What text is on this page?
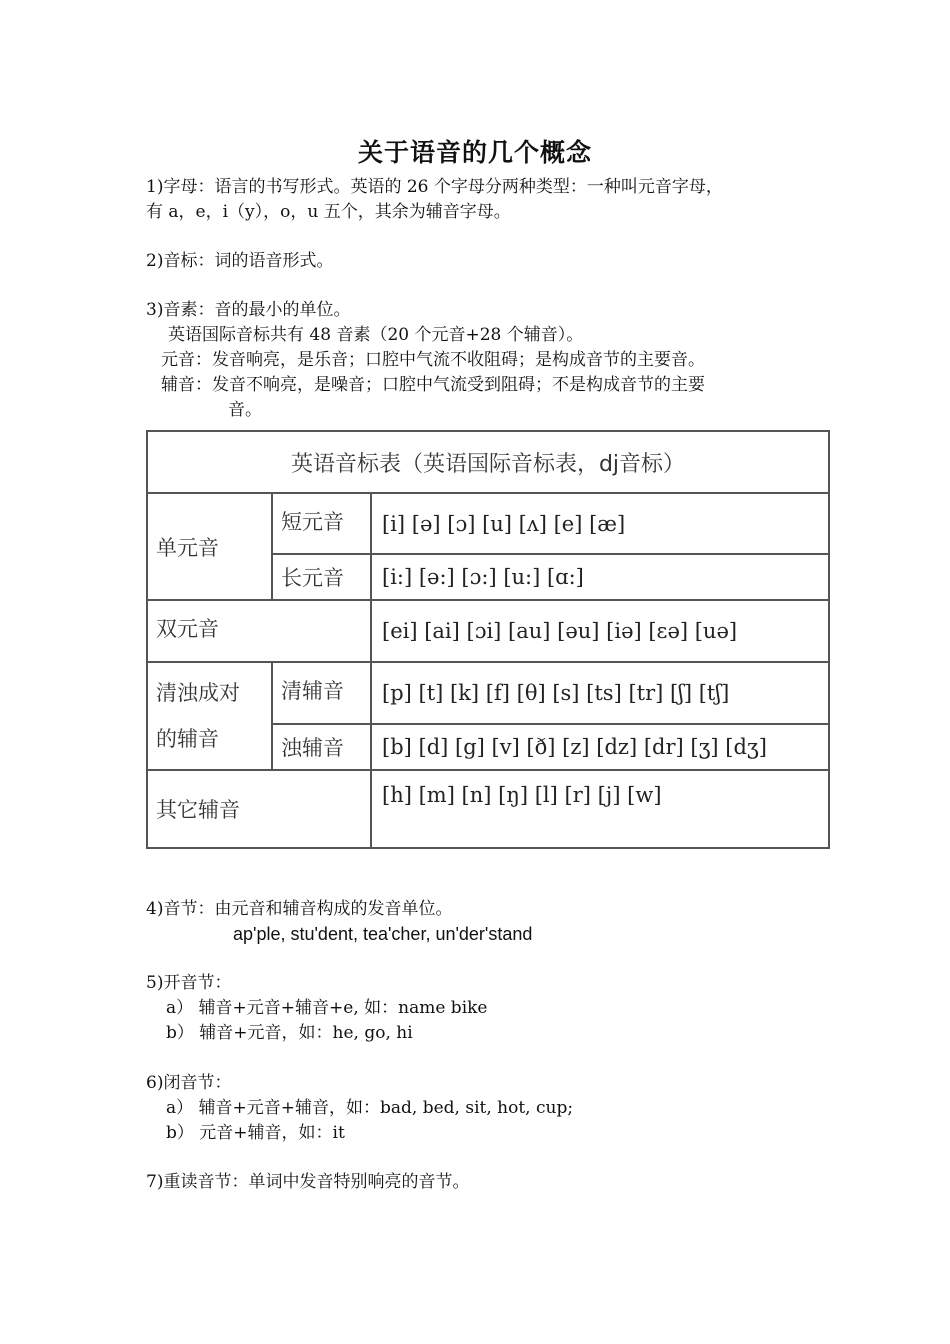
关于语音的几个概念
1)字母：语言的书写形式。英语的 26 个字母分两种类型：一种叫元音字母，
有 a，e，i（y），o，u 五个，其余为辅音字母。
2)音标：词的语音形式。
3)音素：音的最小的单位。
英语国际音标共有 48 音素（20 个元音+28 个辅音）。
元音：发音响亮，是乐音；口腔中气流不收阻碍；是构成音节的主要音。
辅音：发音不响亮，是噪音；口腔中气流受到阻碍；不是构成音节的主要
音。
英语音标表（英语国际音标表，dj音标）		
单元音	短元音	[i] [ə] [ɔ] [u] [ʌ] [e] [æ]
	长元音	[i:] [ə:] [ɔ:] [u:] [ɑ:]
双元音		[ei] [ai] [ɔi] [au] [əu] [iə] [ɛə] [uə]

清浊成对
的辅音	清辅音	[p] [t] [k] [f] [θ] [s] [ts] [tr] [ʃ] [tʃ]
	浊辅音	[b] [d] [g] [v] [ð] [z] [dz] [dr] [ʒ] [dʒ]
其它辅音		[h] [m] [n] [ŋ] [l] [r] [j] [w]
4)音节：由元音和辅音构成的发音单位。
ap'ple, stu'dent, tea'cher, un'der'stand
5)开音节：
a） 辅音+元音+辅音+e, 如：name bike
b） 辅音+元音，如：he, go, hi
6)闭音节：
a） 辅音+元音+辅音，如：bad, bed, sit, hot, cup;
b） 元音+辅音，如：it
7)重读音节：单词中发音特别响亮的音节。
